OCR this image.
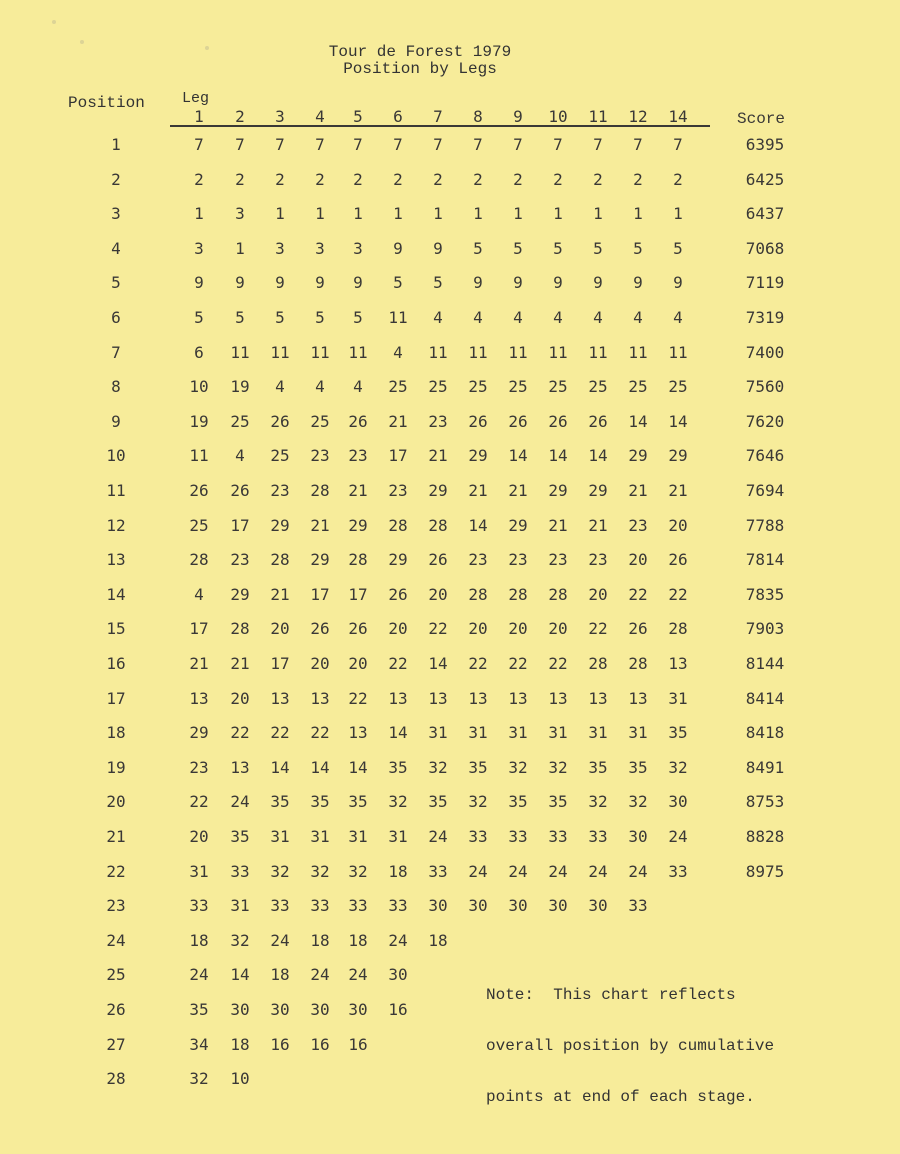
Tour de Forest 1979
Position by Legs
Position Leg
1	2	3	4	5	6	7	8	9	10	11	12	14	Score
1	7	7	7	7	7	7	7	7	7	7	7	7	7	6395
2	2	2	2	2	2	2	2	2	2	2	2	2	2	6425
3	1	3	1	1	1	1	1	1	1	1	1	1	1	6437
4	3	1	3	3	3	9	9	5	5	5	5	5	5	7068
5	9	9	9	9	9	5	5	9	9	9	9	9	9	7119
6	5	5	5	5	5	11	4	4	4	4	4	4	4	7319
7	6	11	11	11	11	4	11	11	11	11	11	11	11	7400
8	10	19	4	4	4	25	25	25	25	25	25	25	25	7560
9	19	25	26	25	26	21	23	26	26	26	26	14	14	7620
10	11	4	25	23	23	17	21	29	14	14	14	29	29	7646
11	26	26	23	28	21	23	29	21	21	29	29	21	21	7694
12	25	17	29	21	29	28	28	14	29	21	21	23	20	7788
13	28	23	28	29	28	29	26	23	23	23	23	20	26	7814
14	4	29	21	17	17	26	20	28	28	28	20	22	22	7835
15	17	28	20	26	26	20	22	20	20	20	22	26	28	7903
16	21	21	17	20	20	22	14	22	22	22	28	28	13	8144
17	13	20	13	13	22	13	13	13	13	13	13	13	31	8414
18	29	22	22	22	13	14	31	31	31	31	31	31	35	8418
19	23	13	14	14	14	35	32	35	32	32	35	35	32	8491
20	22	24	35	35	35	32	35	32	35	35	32	32	30	8753
21	20	35	31	31	31	31	24	33	33	33	33	30	24	8828
22	31	33	32	32	32	18	33	24	24	24	24	24	33	8975
23	33	31	33	33	33	33	30	30	30	30	30	33
24	18	32	24	18	18	24	18
25	24	14	18	24	24	30
26	35	30	30	30	30	16
27	34	18	16	16	16
28	32	10

Note:  This chart reflects

overall position by cumulative

points at end of each stage.
